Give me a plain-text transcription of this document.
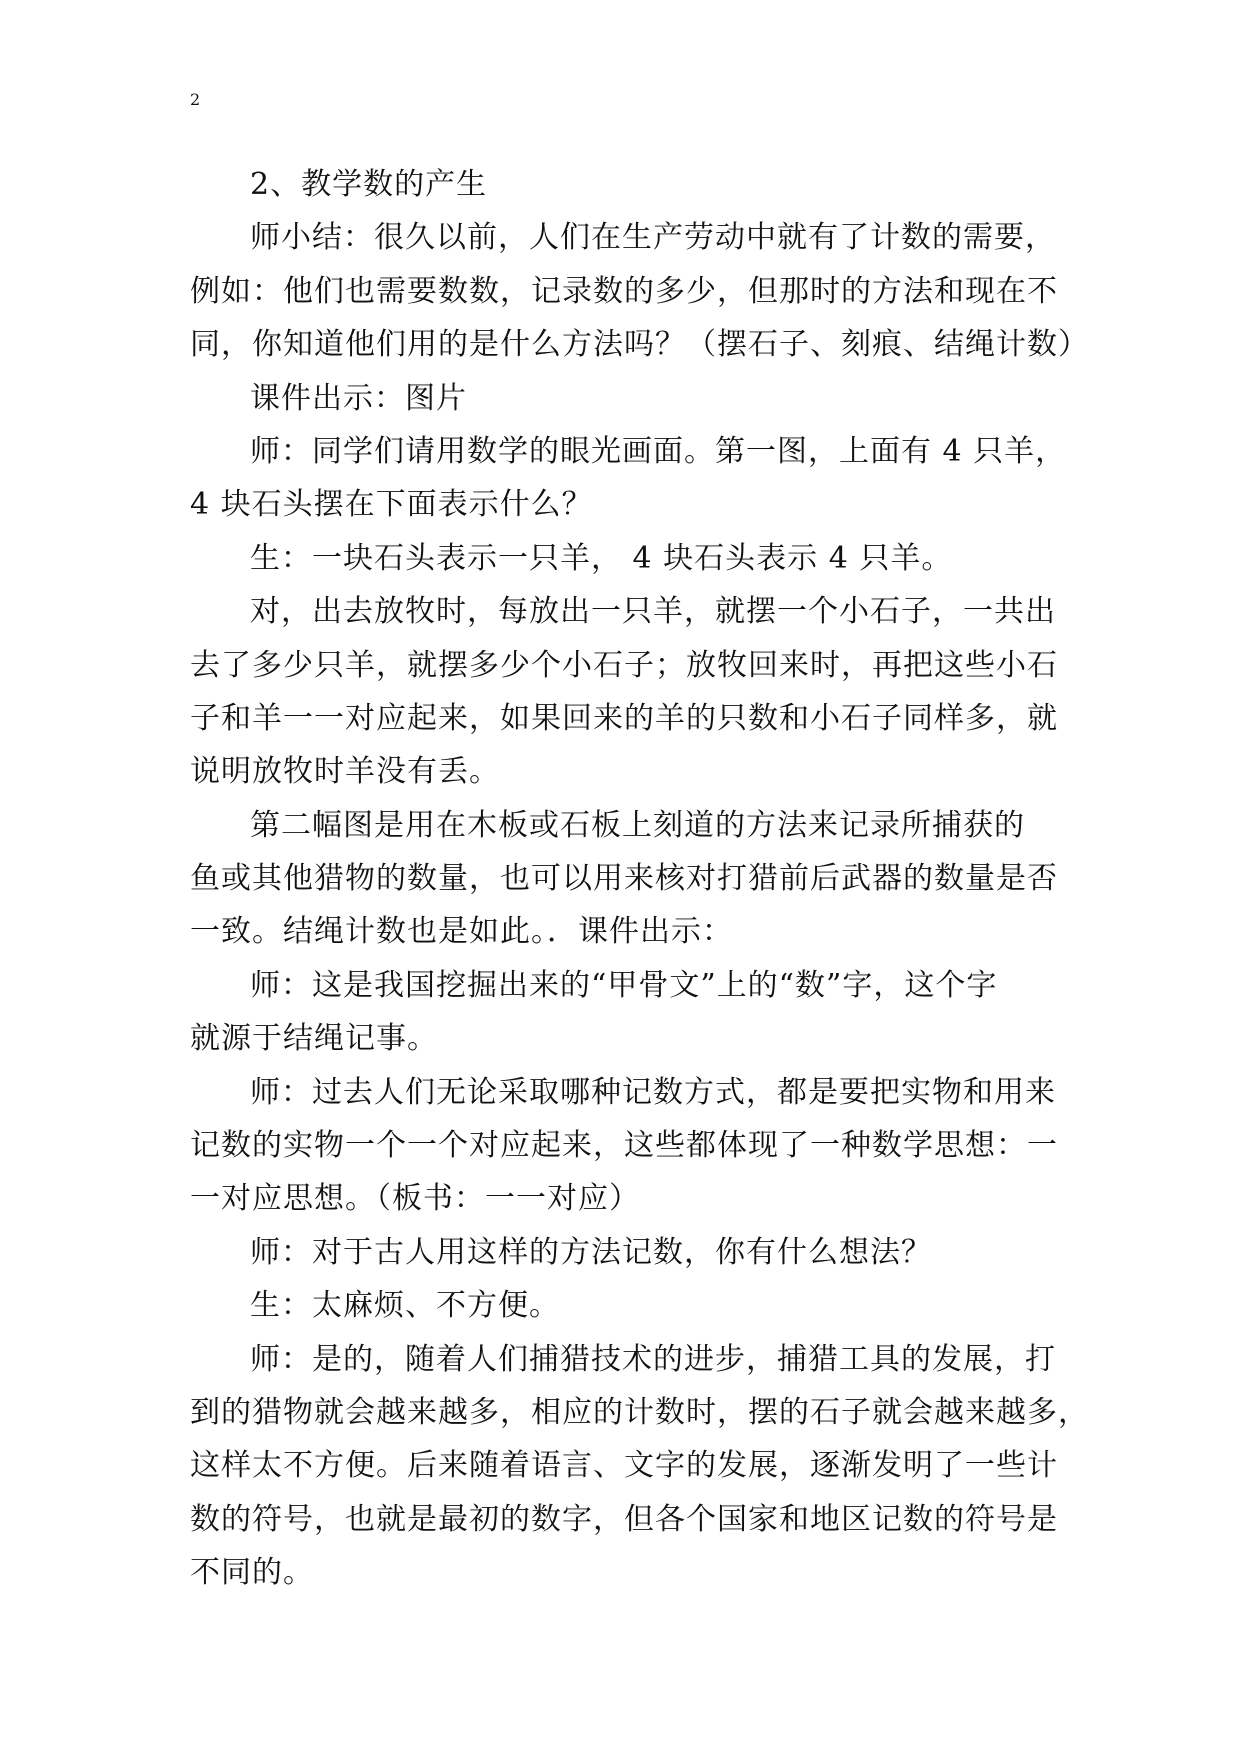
2
2、教学数的产生
师小结：很久以前，人们在生产劳动中就有了计数的需要，
例如：他们也需要数数，记录数的多少，但那时的方法和现在不
同，你知道他们用的是什么方法吗？（摆石子、刻痕、结绳计数）
课件出示：图片
师：同学们请用数学的眼光画面。第一图，上面有 4 只羊，
4 块石头摆在下面表示什么？
生：一块石头表示一只羊， 4 块石头表示 4 只羊。
对，出去放牧时，每放出一只羊，就摆一个小石子，一共出
去了多少只羊，就摆多少个小石子；放牧回来时，再把这些小石
子和羊一一对应起来，如果回来的羊的只数和小石子同样多，就
说明放牧时羊没有丢。
第二幅图是用在木板或石板上刻道的方法来记录所捕获的
鱼或其他猎物的数量，也可以用来核对打猎前后武器的数量是否
一致。结绳计数也是如此。．课件出示：
师：这是我国挖掘出来的“甲骨文”上的“数”字，这个字
就源于结绳记事。
师：过去人们无论采取哪种记数方式，都是要把实物和用来
记数的实物一个一个对应起来，这些都体现了一种数学思想：一
一对应思想。（板书：一一对应）
师：对于古人用这样的方法记数，你有什么想法？
生：太麻烦、不方便。
师：是的，随着人们捕猎技术的进步，捕猎工具的发展，打
到的猎物就会越来越多，相应的计数时，摆的石子就会越来越多，
这样太不方便。后来随着语言、文字的发展，逐渐发明了一些计
数的符号，也就是最初的数字，但各个国家和地区记数的符号是
不同的。
